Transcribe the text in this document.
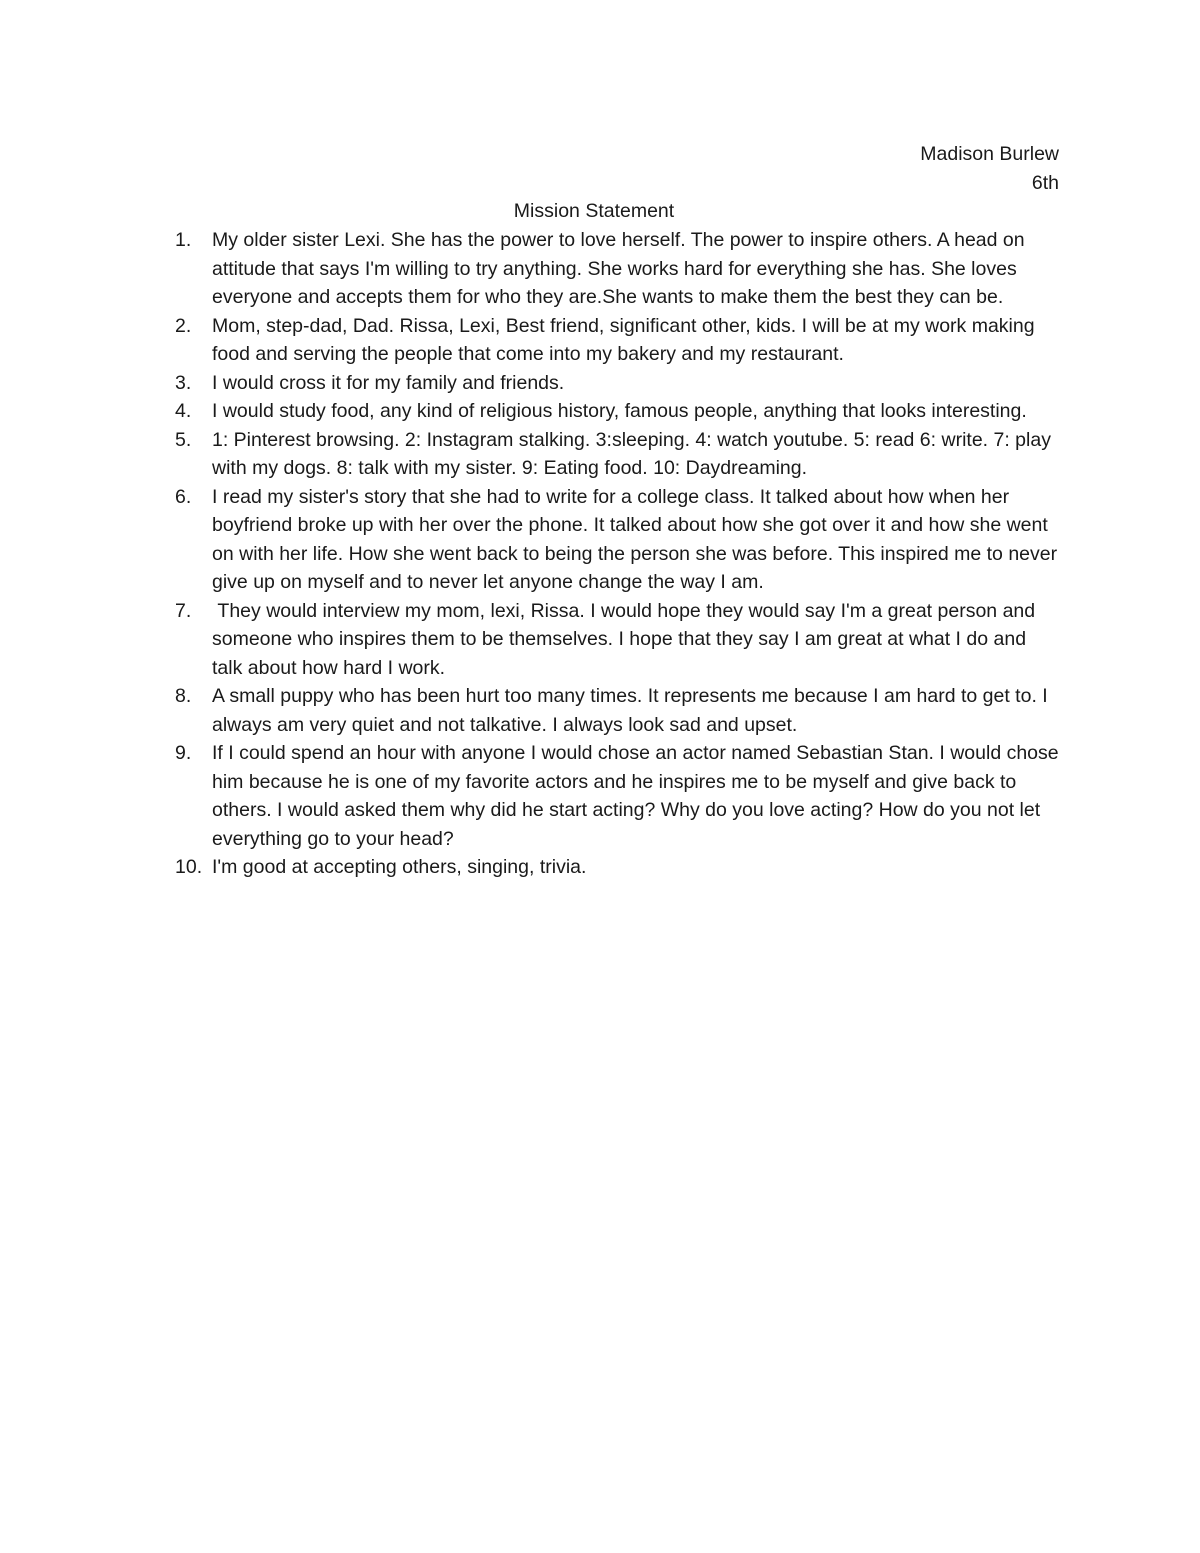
Madison Burlew
6th
Mission Statement
1.	My older sister Lexi. She has the power to love herself. The power to inspire others. A head on attitude that says I'm willing to try anything. She works hard for everything she has. She loves everyone and accepts them for who they are.She wants to make them the best they can be.
2.	Mom, step-dad, Dad. Rissa, Lexi, Best friend, significant other, kids. I will be at my work making food and serving the people that come into my bakery and my restaurant.
3.	I would cross it for my family and friends.
4.	I would study food, any kind of religious history, famous people, anything that looks interesting.
5.	1: Pinterest browsing. 2: Instagram stalking. 3:sleeping. 4: watch youtube. 5: read 6: write. 7: play with my dogs. 8: talk with my sister. 9: Eating food. 10: Daydreaming.
6.	I read my sister's story that she had to write for a college class. It talked about how when her boyfriend broke up with her over the phone. It talked about how she got over it and how she went on with her life. How she went back to being the person she was before. This inspired me to never give up on myself and to never let anyone change the way I am.
7.	They would interview my mom, lexi, Rissa. I would hope they would say I'm a great person and someone who inspires them to be themselves. I hope that they say I am great at what I do and talk about how hard I work.
8.	A small puppy who has been hurt too many times. It represents me because I am hard to get to. I always am very quiet and not talkative. I always look sad and upset.
9.	If I could spend an hour with anyone I would chose an actor named Sebastian Stan. I would chose him because he is one of my favorite actors and he inspires me to be myself and give back to others. I would asked them why did he start acting? Why do you love acting? How do you not let everything go to your head?
10. I'm good at accepting others, singing, trivia.
